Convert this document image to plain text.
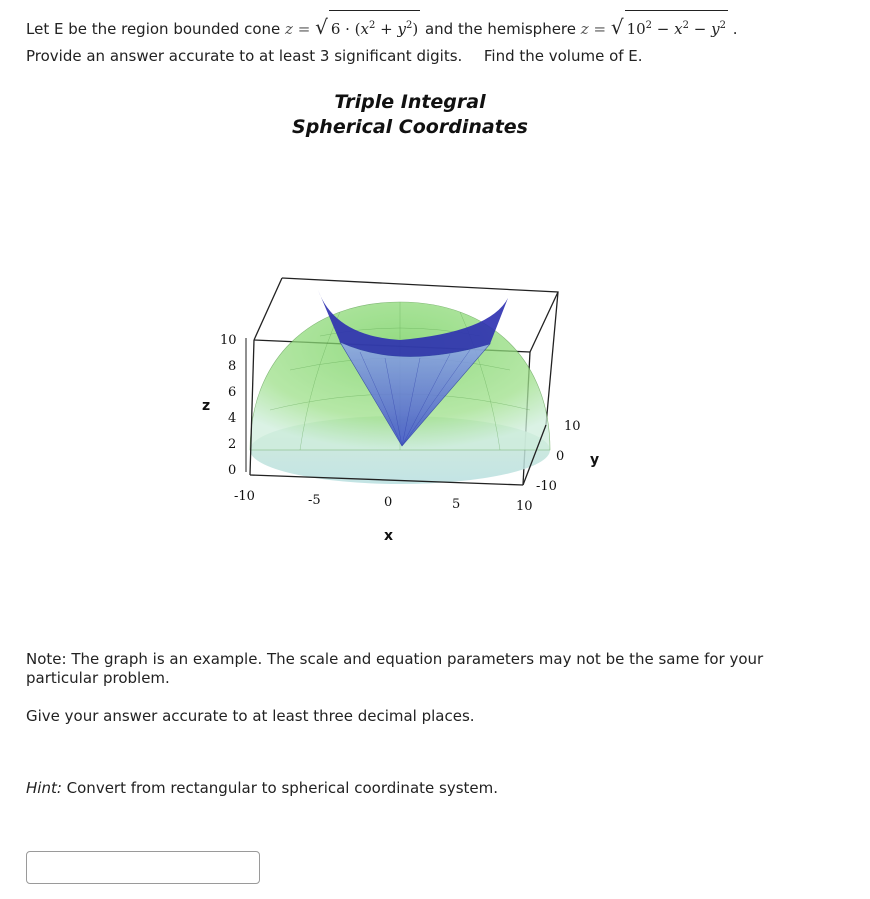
Let E be the region bounded cone z = √ $6 \cdot (x^2 + y^2)$ and the hemisphere z = √ $10^2 - x^2 - y^2$ .
Provide an answer accurate to at least 3 significant digits. Find the volume of E.
Triple Integral
Spherical Coordinates
10
8
6
4
2
0
z
-10	-5	0	5	10
x
10
0
-10
y
Note: The graph is an example. The scale and equation parameters may not be the same for your particular problem.
Give your answer accurate to at least three decimal places.
Hint: Convert from rectangular to spherical coordinate system.
